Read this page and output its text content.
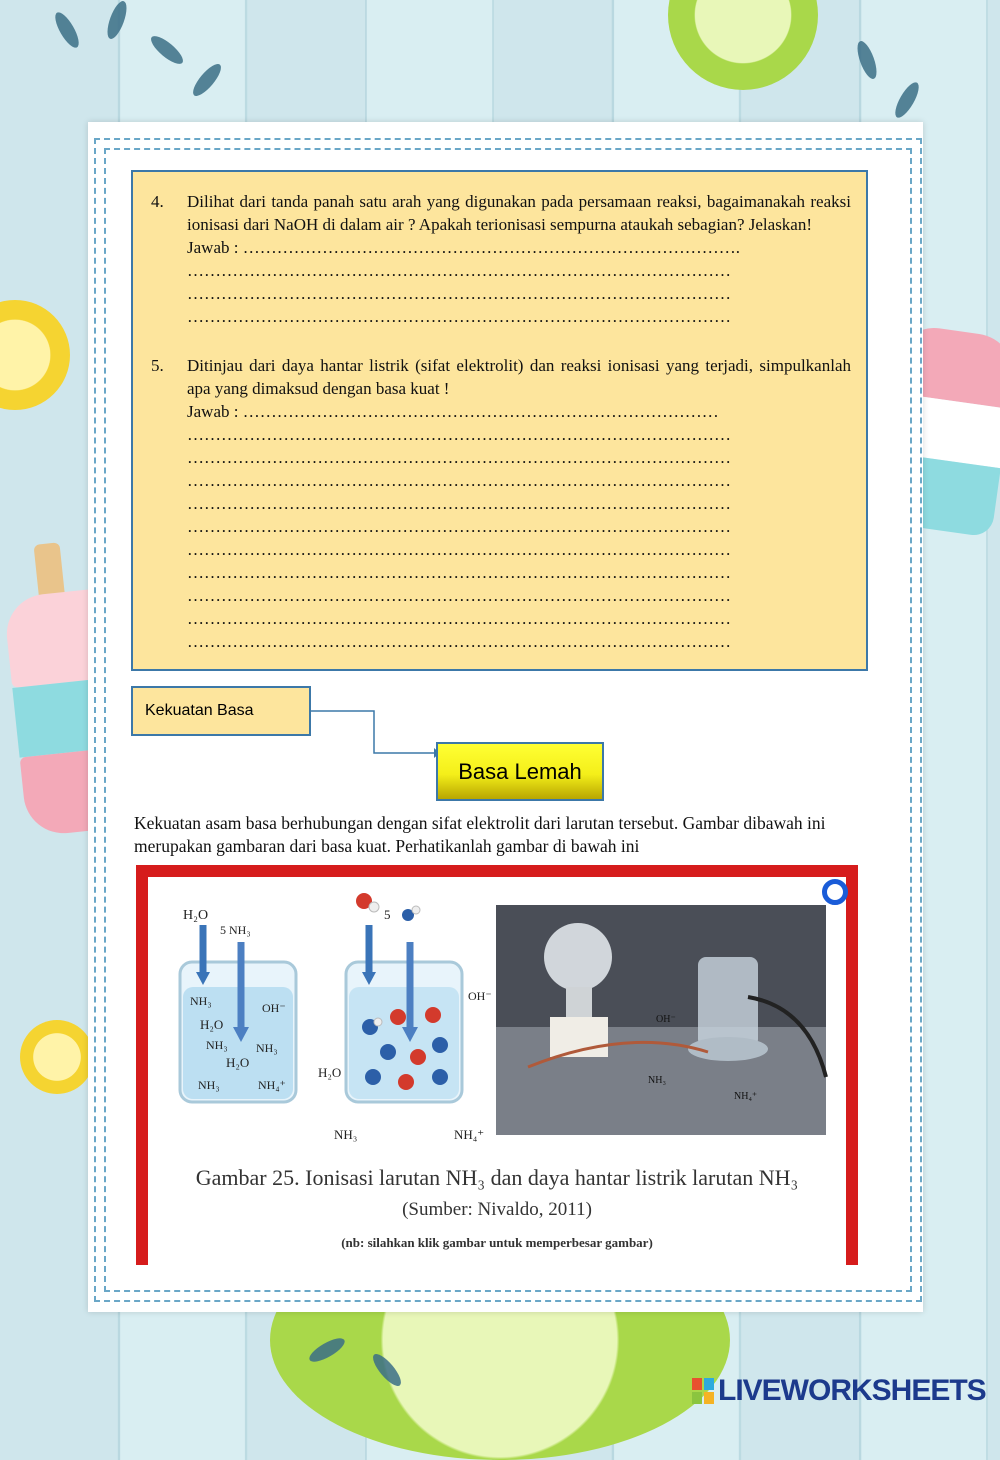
4. Dilihat dari tanda panah satu arah yang digunakan pada persamaan reaksi, bagaimanakah reaksi ionisasi dari NaOH di dalam air ? Apakah terionisasi sempurna ataukah sebagian? Jelaskan!
Jawab : …………………………………………………………………………….
……………………………………………………………………………………
……………………………………………………………………………………
……………………………………………………………………………………
5. Ditinjau dari daya hantar listrik (sifat elektrolit) dan reaksi ionisasi yang terjadi, simpulkanlah apa yang dimaksud dengan basa kuat !
Jawab : …………………………………………………………………………
……………………………………………………………………………………
……………………………………………………………………………………
……………………………………………………………………………………
……………………………………………………………………………………
……………………………………………………………………………………
……………………………………………………………………………………
……………………………………………………………………………………
……………………………………………………………………………………
……………………………………………………………………………………
……………………………………………………………………………………
Kekuatan Basa
Basa Lemah
Kekuatan asam basa berhubungan dengan sifat elektrolit dari larutan tersebut. Gambar dibawah ini merupakan gambaran dari basa kuat. Perhatikanlah gambar di bawah ini
H₂O
5 NH₃
NH₃	OH⁻
H₂O
NH₃ NH₃
H₂O
NH₃	NH₄⁺
5
OH⁻
H₂O
NH₃	NH₄⁺
OH⁻
NH₃
NH₄⁺
Gambar 25. Ionisasi larutan NH₃ dan daya hantar listrik larutan NH₃
(Sumber: Nivaldo, 2011)
(nb: silahkan klik gambar untuk memperbesar gambar)
LIVEWORKSHEETS
